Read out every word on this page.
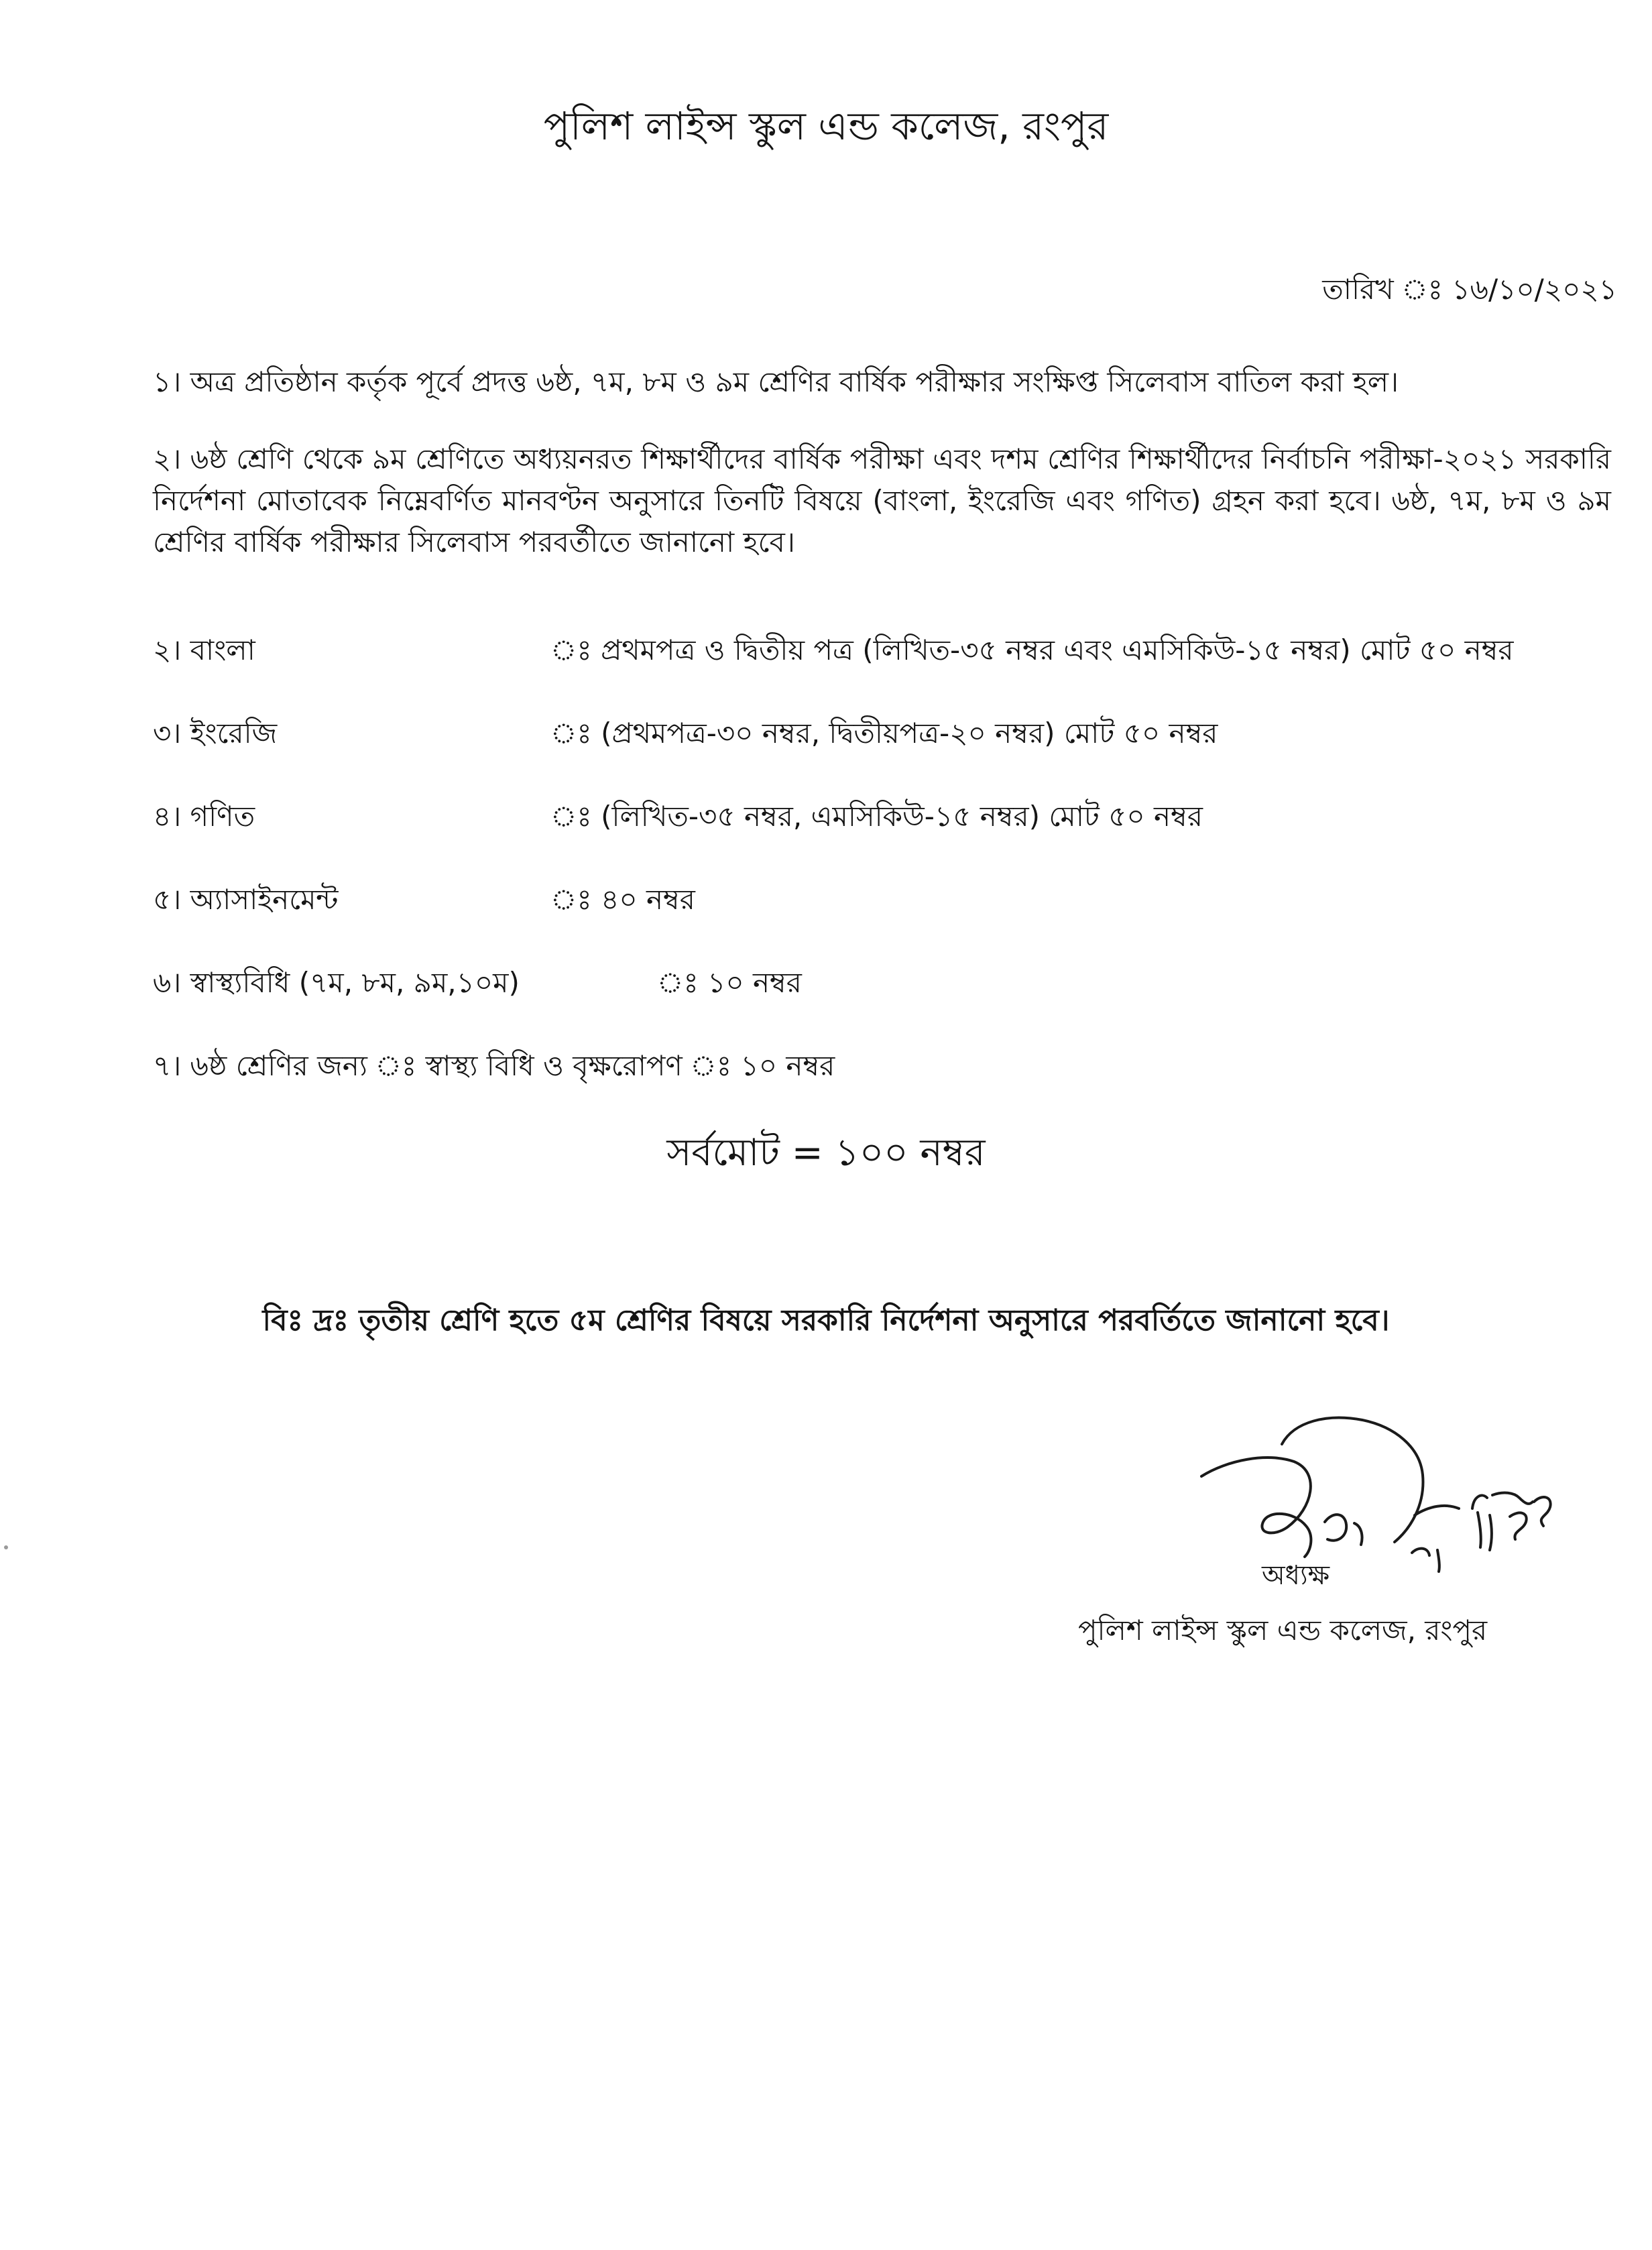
পুলিশ লাইন্স স্কুল এন্ড কলেজ, রংপুর
তারিখ ঃ ১৬/১০/২০২১
১। অত্র প্রতিষ্ঠান কর্তৃক পূর্বে প্রদত্ত ৬ষ্ঠ, ৭ম, ৮ম ও ৯ম শ্রেণির বার্ষিক পরীক্ষার সংক্ষিপ্ত সিলেবাস বাতিল করা হল।
২। ৬ষ্ঠ শ্রেণি থেকে ৯ম শ্রেণিতে অধ্যয়নরত শিক্ষার্থীদের বার্ষিক পরীক্ষা এবং দশম শ্রেণির শিক্ষার্থীদের নির্বাচনি পরীক্ষা-২০২১ সরকারি নির্দেশনা মোতাবেক নিম্নেবর্ণিত মানবণ্টন অনুসারে তিনটি বিষয়ে (বাংলা, ইংরেজি এবং গণিত) গ্রহন করা হবে। ৬ষ্ঠ, ৭ম, ৮ম ও ৯ম শ্রেণির বার্ষিক পরীক্ষার সিলেবাস পরবর্তীতে জানানো হবে।
২। বাংলা	ঃ প্রথমপত্র ও দ্বিতীয় পত্র (লিখিত-৩৫ নম্বর এবং এমসিকিউ-১৫ নম্বর) মোট ৫০ নম্বর
৩। ইংরেজি	ঃ (প্রথমপত্র-৩০ নম্বর, দ্বিতীয়পত্র-২০ নম্বর) মোট ৫০ নম্বর
৪। গণিত	ঃ (লিখিত-৩৫ নম্বর, এমসিকিউ-১৫ নম্বর) মোট ৫০ নম্বর
৫। অ্যাসাইনমেন্ট	ঃ ৪০ নম্বর
৬। স্বাস্থ্যবিধি (৭ম, ৮ম, ৯ম,১০ম)	ঃ ১০ নম্বর
৭। ৬ষ্ঠ শ্রেণির জন্য ঃ স্বাস্থ্য বিধি ও বৃক্ষরোপণ ঃ ১০ নম্বর
সর্বমোট = ১০০ নম্বর
বিঃ দ্রঃ তৃতীয় শ্রেণি হতে ৫ম শ্রেণির বিষয়ে সরকারি নির্দেশনা অনুসারে পরবর্তিতে জানানো হবে।
অধ্যক্ষ
পুলিশ লাইন্স স্কুল এন্ড কলেজ, রংপুর
